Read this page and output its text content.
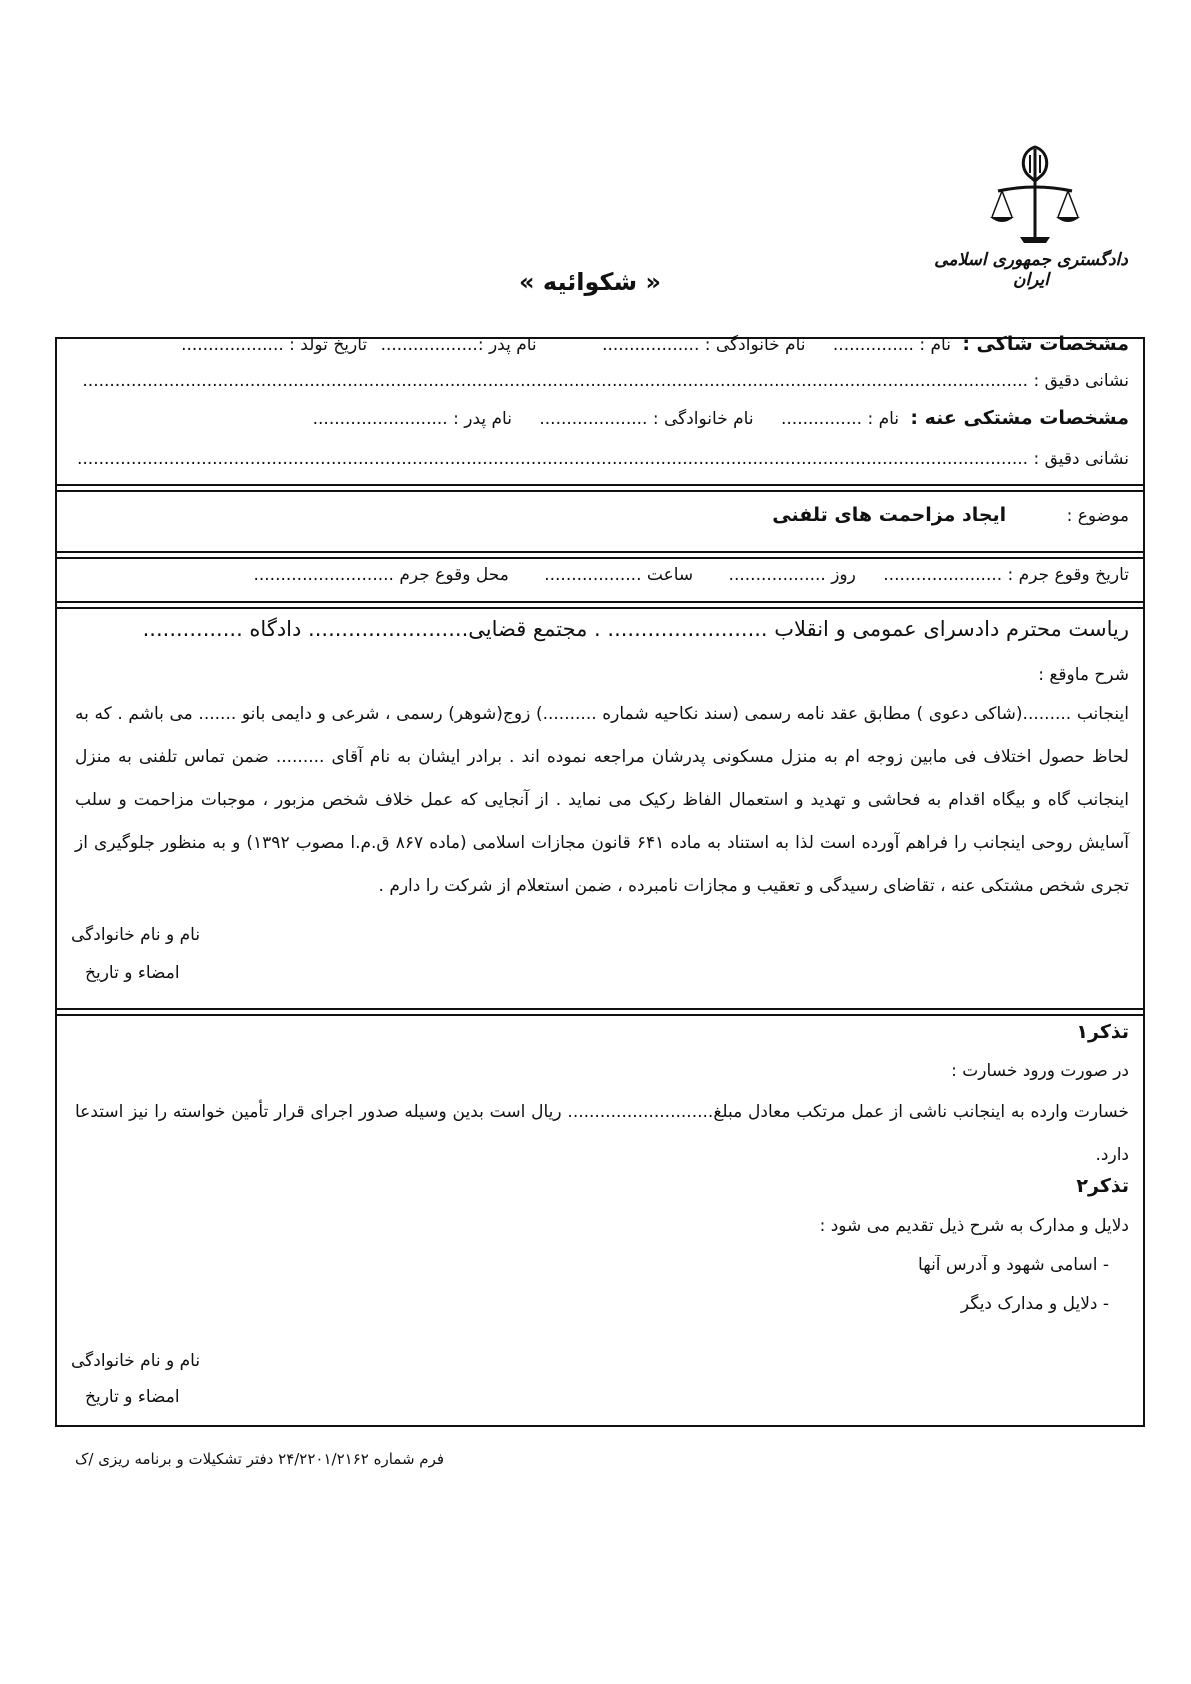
دادگستری جمهوری اسلامی ایران
« شکوائیه »
مشخصات شاکی : نام : ............... نام خانوادگی : .................. نام پدر :.................. تاریخ تولد : ...................
نشانی دقیق : ...............................................................................................................................................................................
مشخصات مشتکی عنه : نام : ............... نام خانوادگی : .................... نام پدر : .........................
نشانی دقیق : ................................................................................................................................................................................
موضوع : ایجاد مزاحمت های تلفنی
تاریخ وقوع جرم : ...................... روز .................. ساعت .................. محل وقوع جرم ..........................
ریاست محترم دادسرای عمومی و انقلاب ........................ . مجتمع قضایی........................ دادگاه ...............
شرح ماوقع :
اینجانب .........(شاکی دعوی ) مطابق عقد نامه رسمی (سند نکاحیه شماره ..........) زوج(شوهر) رسمی ، شرعی و دایمی بانو ....... می باشم . که به لحاظ حصول اختلاف فی مابین زوجه ام به منزل مسکونی پدرشان مراجعه نموده اند . برادر ایشان به نام آقای ......... ضمن تماس تلفنی به منزل اینجانب گاه و بیگاه اقدام به فحاشی و تهدید و استعمال الفاظ رکیک می نماید . از آنجایی که عمل خلاف شخص مزبور ، موجبات مزاحمت و سلب آسایش روحی اینجانب را فراهم آورده است لذا به استناد به ماده ۶۴۱ قانون مجازات اسلامی (ماده ۸۶۷ ق.م.ا مصوب ۱۳۹۲) و به منظور جلوگیری از تجری شخص مشتکی عنه ، تقاضای رسیدگی و تعقیب و مجازات نامبرده ، ضمن استعلام از شرکت را دارم .
نام و نام خانوادگی
امضاء و تاریخ
تذکر۱
در صورت ورود خسارت :
خسارت وارده به اینجانب ناشی از عمل مرتکب معادل مبلغ........................... ریال است بدین وسیله صدور اجرای قرار تأمین خواسته را نیز استدعا دارد.
تذکر۲
دلایل و مدارک به شرح ذیل تقدیم می شود :
- اسامی شهود و آدرس آنها
- دلایل و مدارک دیگر
نام و نام خانوادگی
امضاء و تاریخ
فرم شماره ۲۴/۲۲۰۱/۲۱۶۲ دفتر تشکیلات و برنامه ریزی /ک
